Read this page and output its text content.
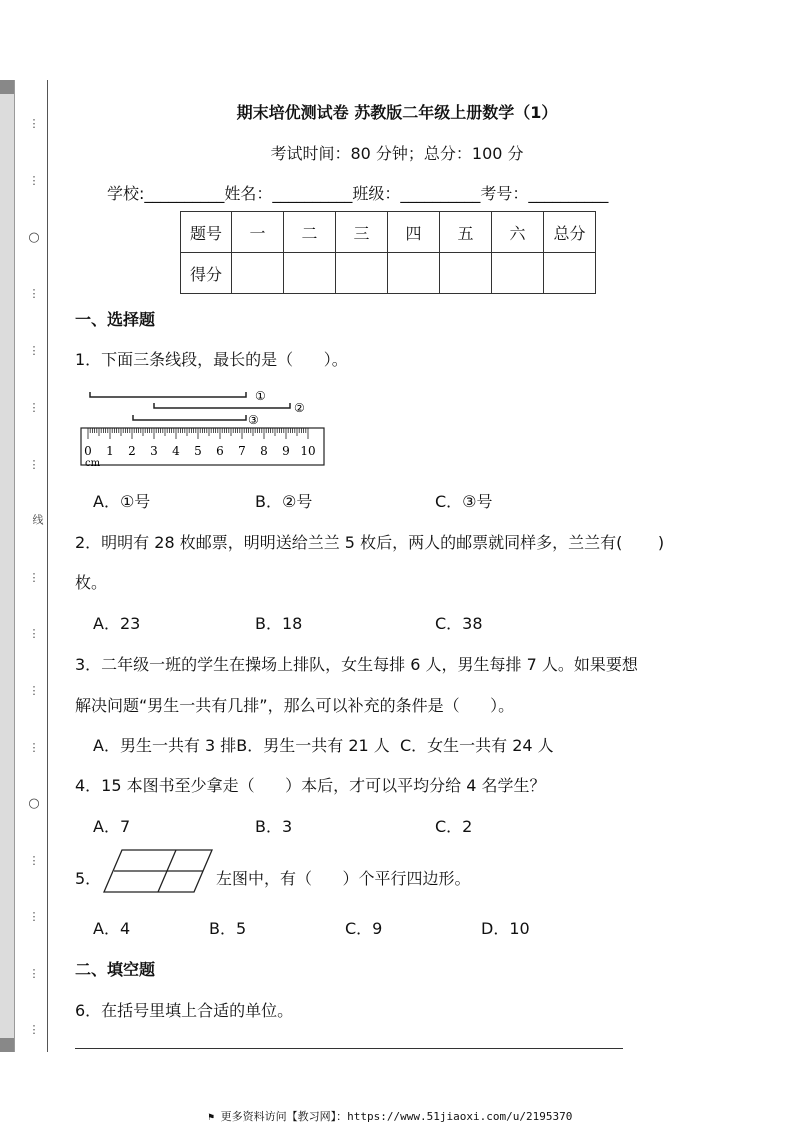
⋮
⋮
○
⋮
⋮
⋮
⋮
线
⋮
⋮
⋮
⋮
○
⋮
⋮
⋮
⋮
期末培优测试卷 苏教版二年级上册数学（1）
考试时间：80 分钟；总分：100 分
学校:__________姓名：__________班级：__________考号：__________
题号	一	二	三	四	五	六	总分
得分							
一、选择题
1．下面三条线段，最长的是（      ）。
①
②
③
0 1 2 3 4 5 6 7 8 9 10
cm
A．①号	B．②号	C．③号
2．明明有 28 枚邮票，明明送给兰兰 5 枚后，两人的邮票就同样多，兰兰有(       )
枚。
A．23	B．18	C．38
3．二年级一班的学生在操场上排队，女生每排 6 人，男生每排 7 人。如果要想
解决问题“男生一共有几排”，那么可以补充的条件是（      ）。
A．男生一共有 3 排B．男生一共有 21 人  C．女生一共有 24 人
4．15 本图书至少拿走（      ）本后，才可以平均分给 4 名学生？
A．7	B．3	C．2
5．	左图中，有（      ）个平行四边形。
A．4	B．5	C．9	D．10
二、填空题
6．在括号里填上合适的单位。
⚑ 更多资料访问【教习网】：https://www.51jiaoxi.com/u/2195370
